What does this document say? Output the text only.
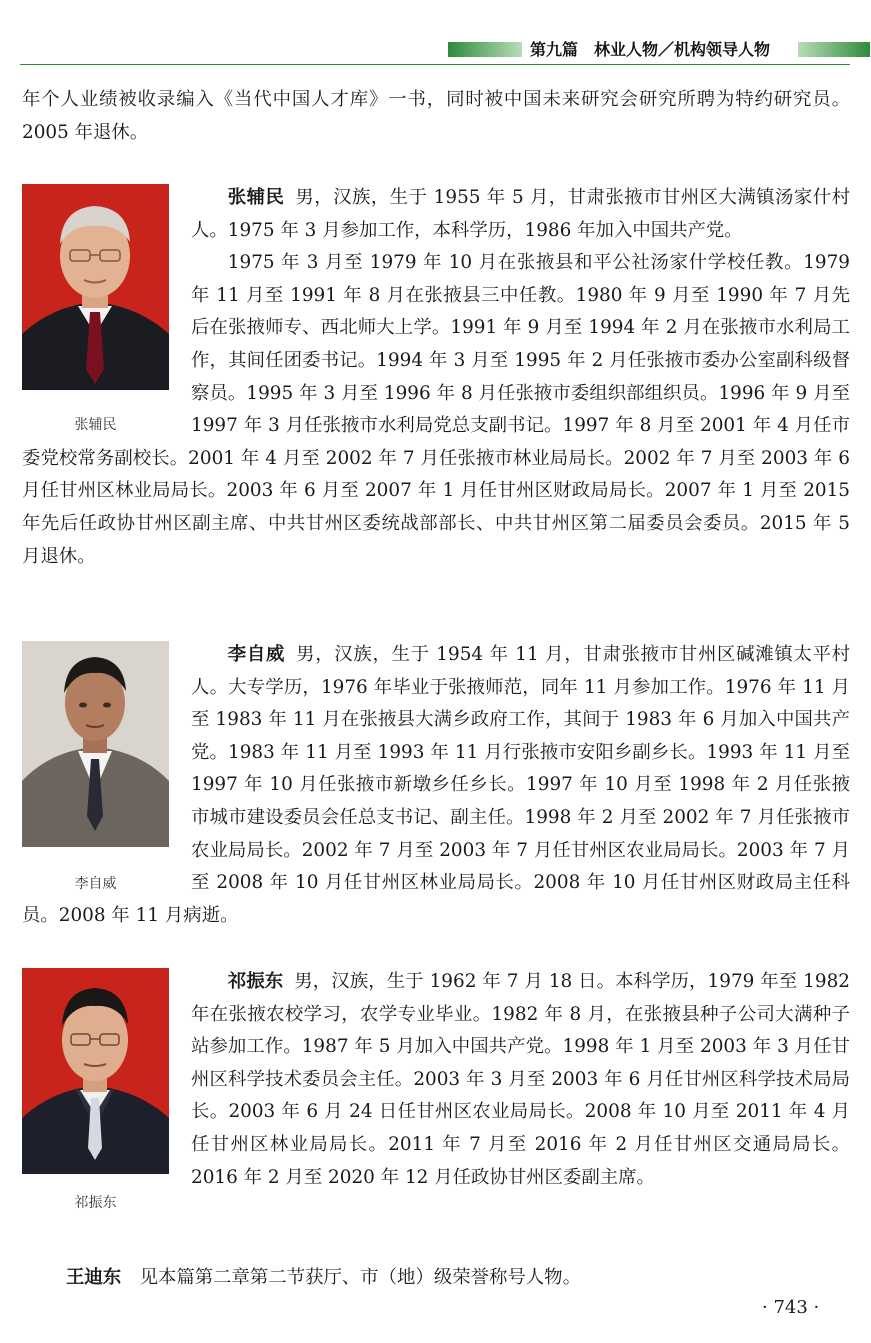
第九篇　林业人物／机构领导人物

年个人业绩被收录编入《当代中国人才库》一书，同时被中国未来研究会研究所聘为特约研究员。2005 年退休。

张辅民 男，汉族，生于 1955 年 5 月，甘肃张掖市甘州区大满镇汤家什村人。1975 年 3 月参加工作，本科学历，1986 年加入中国共产党。

1975 年 3 月至 1979 年 10 月在张掖县和平公社汤家什学校任教。1979 年 11 月至 1991 年 8 月在张掖县三中任教。1980 年 9 月至 1990 年 7 月先后在张掖师专、西北师大上学。1991 年 9 月至 1994 年 2 月在张掖市水利局工作，其间任团委书记。1994 年 3 月至 1995 年 2 月任张掖市委办公室副科级督察员。1995 年 3 月至 1996 年 8 月任张掖市委组织部组织员。1996 年 9 月至 1997 年 3 月任张掖市水利局党总支副书记。1997 年 8 月至 2001 年 4 月任市委党校常务副校长。2001 年 4 月至 2002 年 7 月任张掖市林业局局长。2002 年 7 月至 2003 年 6 月任甘州区林业局局长。2003 年 6 月至 2007 年 1 月任甘州区财政局局长。2007 年 1 月至 2015 年先后任政协甘州区副主席、中共甘州区委统战部部长、中共甘州区第二届委员会委员。2015 年 5 月退休。

张辅民

李自威 男，汉族，生于 1954 年 11 月，甘肃张掖市甘州区碱滩镇太平村人。大专学历，1976 年毕业于张掖师范，同年 11 月参加工作。1976 年 11 月至 1983 年 11 月在张掖县大满乡政府工作，其间于 1983 年 6 月加入中国共产党。1983 年 11 月至 1993 年 11 月行张掖市安阳乡副乡长。1993 年 11 月至 1997 年 10 月任张掖市新墩乡任乡长。1997 年 10 月至 1998 年 2 月任张掖市城市建设委员会任总支书记、副主任。1998 年 2 月至 2002 年 7 月任张掖市农业局局长。2002 年 7 月至 2003 年 7 月任甘州区农业局局长。2003 年 7 月至 2008 年 10 月任甘州区林业局局长。2008 年 10 月任甘州区财政局主任科员。2008 年 11 月病逝。

李自威

祁振东 男，汉族，生于 1962 年 7 月 18 日。本科学历，1979 年至 1982 年在张掖农校学习，农学专业毕业。1982 年 8 月，在张掖县种子公司大满种子站参加工作。1987 年 5 月加入中国共产党。1998 年 1 月至 2003 年 3 月任甘州区科学技术委员会主任。2003 年 3 月至 2003 年 6 月任甘州区科学技术局局长。2003 年 6 月 24 日任甘州区农业局局长。2008 年 10 月至 2011 年 4 月任甘州区林业局局长。2011 年 7 月至 2016 年 2 月任甘州区交通局局长。2016 年 2 月至 2020 年 12 月任政协甘州区委副主席。

祁振东
王迪东 见本篇第二章第二节获厅、市（地）级荣誉称号人物。
· 743 ·
